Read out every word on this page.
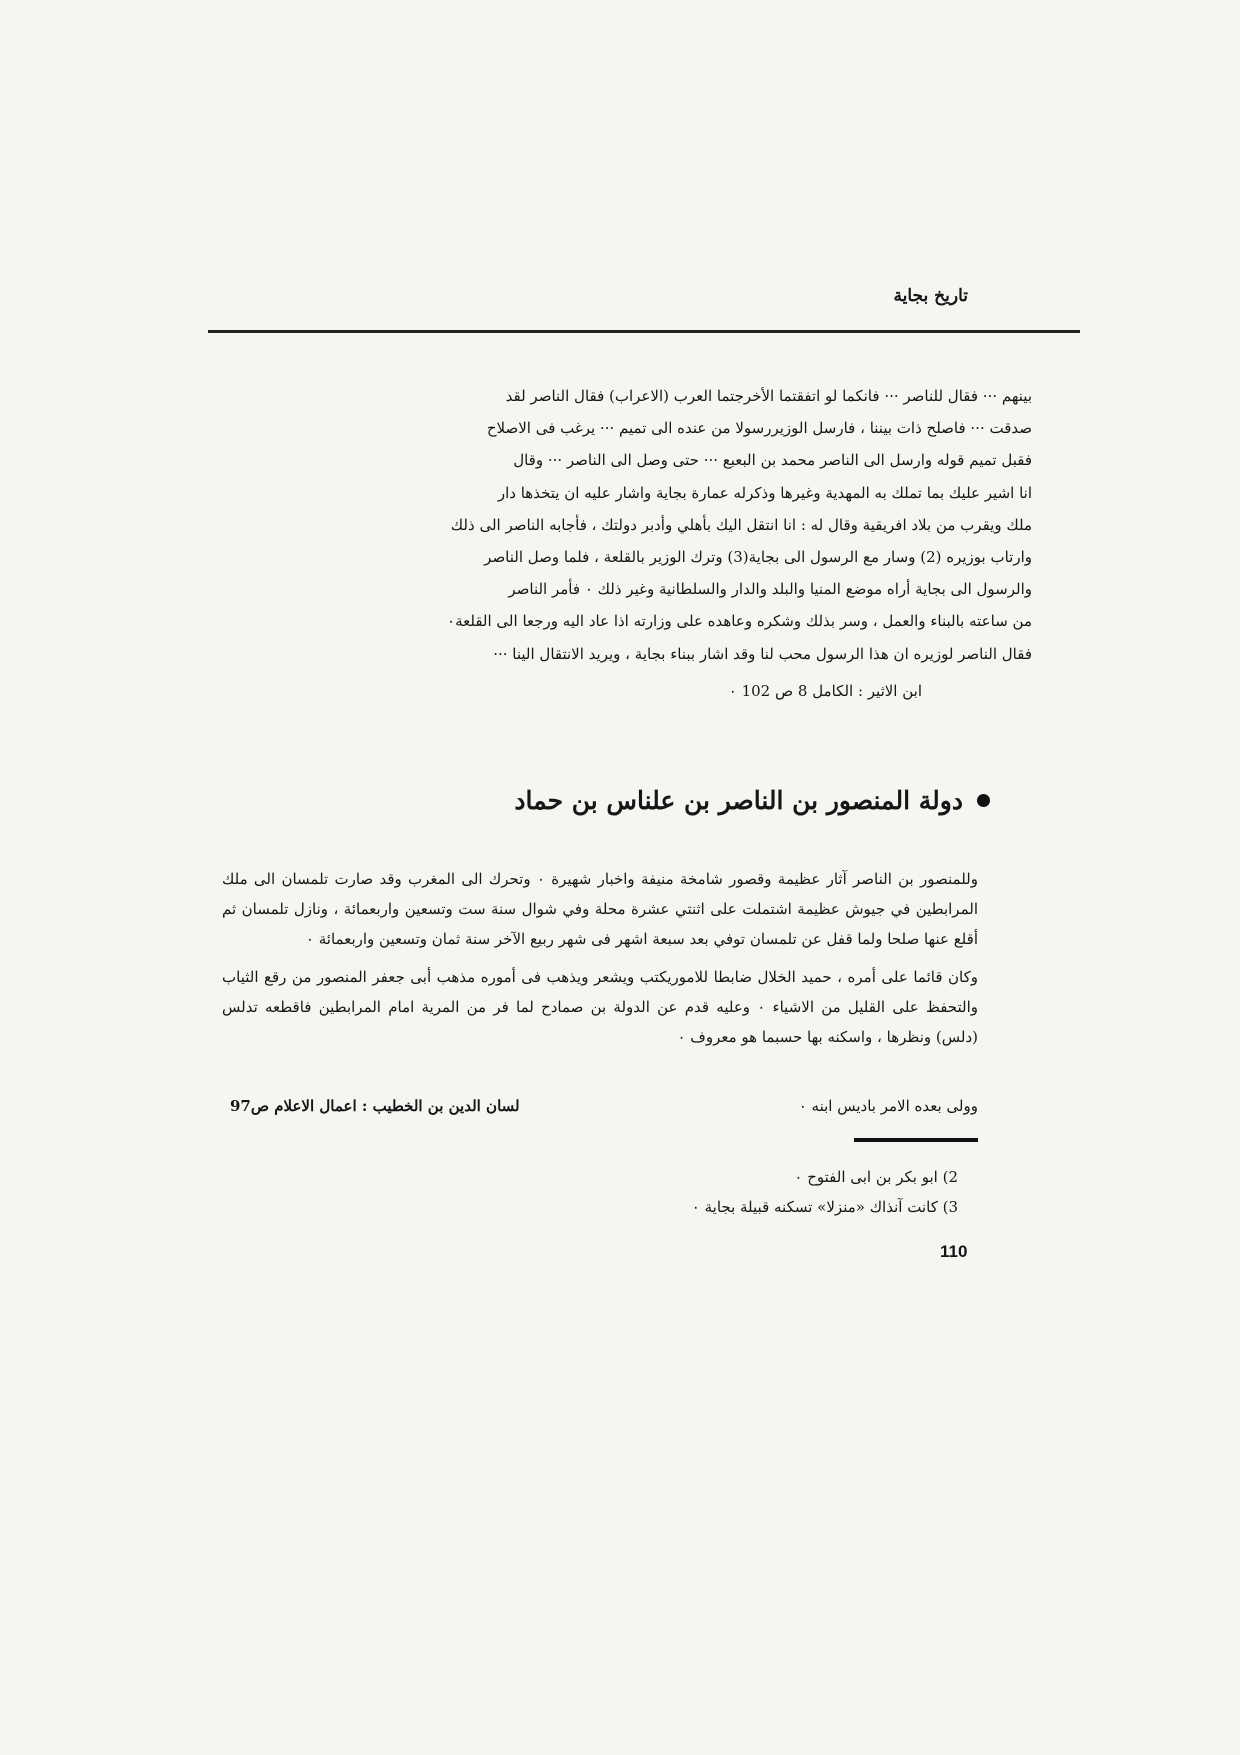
تاريخ بجاية

بينهم ··· فقال للناصر ··· فانكما لو اتفقتما الأخرجتما العرب (الاعراب) فقال الناصر لقد

صدقت ··· فاصلح ذات بيننا ، فارسل الوزيررسولا من عنده الى تميم ··· يرغب فى الاصلاح

فقبل تميم قوله وارسل الى الناصر محمد بن البعبع ··· حتى وصل الى الناصر ··· وقال

انا اشير عليك بما تملك به المهدية وغيرها وذكرله عمارة بجاية واشار عليه ان يتخذها دار

ملك ويقرب من بلاد افريقية وقال له : انا انتقل اليك بأهلي وأدبر دولتك ، فأجابه الناصر الى ذلك

وارتاب بوزيره (2) وسار مع الرسول الى بجاية(3) وترك الوزير بالقلعة ، فلما وصل الناصر

والرسول الى بجاية أراه موضع المنيا والبلد والدار والسلطانية وغير ذلك ٠ فأمر الناصر

من ساعته بالبناء والعمل ، وسر بذلك وشكره وعاهده على وزارته اذا عاد اليه ورجعا الى القلعة٠

فقال الناصر لوزيره ان هذا الرسول محب لنا وقد اشار ببناء بجاية ، ويريد الانتقال الينا ···

ابن الاثير : الكامل 8 ص 102 ٠
دولة المنصور بن الناصر بن علناس بن حماد

وللمنصور بن الناصر آثار عظيمة وقصور شامخة منيفة واخبار شهيرة ٠ وتحرك الى المغرب وقد صارت تلمسان الى ملك المرابطين في جيوش عظيمة اشتملت على اثنتي عشرة محلة وفي شوال سنة ست وتسعين واربعمائة ، ونازل تلمسان ثم أقلع عنها صلحا ولما قفل عن تلمسان توفي بعد سبعة اشهر فى شهر ربيع الآخر سنة ثمان وتسعين واربعمائة ٠

وكان قائما على أمره ، حميد الخلال ضابطا للاموريكتب ويشعر ويذهب فى أموره مذهب أبى جعفر المنصور من رقع الثياب والتحفظ على القليل من الاشياء ٠ وعليه قدم عن الدولة بن صمادح لما فر من المرية امام المرابطين فاقطعه تدلس (دلس) ونظرها ، واسكنه بها حسبما هو معروف ٠

وولى بعده الامر باديس ابنه ٠
لسان الدين بن الخطيب : اعمال الاعلام ص97
2) ابو بكر بن ابى الفتوح ٠
3) كانت آنذاك «منزلا» تسكنه قبيلة بجاية ٠
110
